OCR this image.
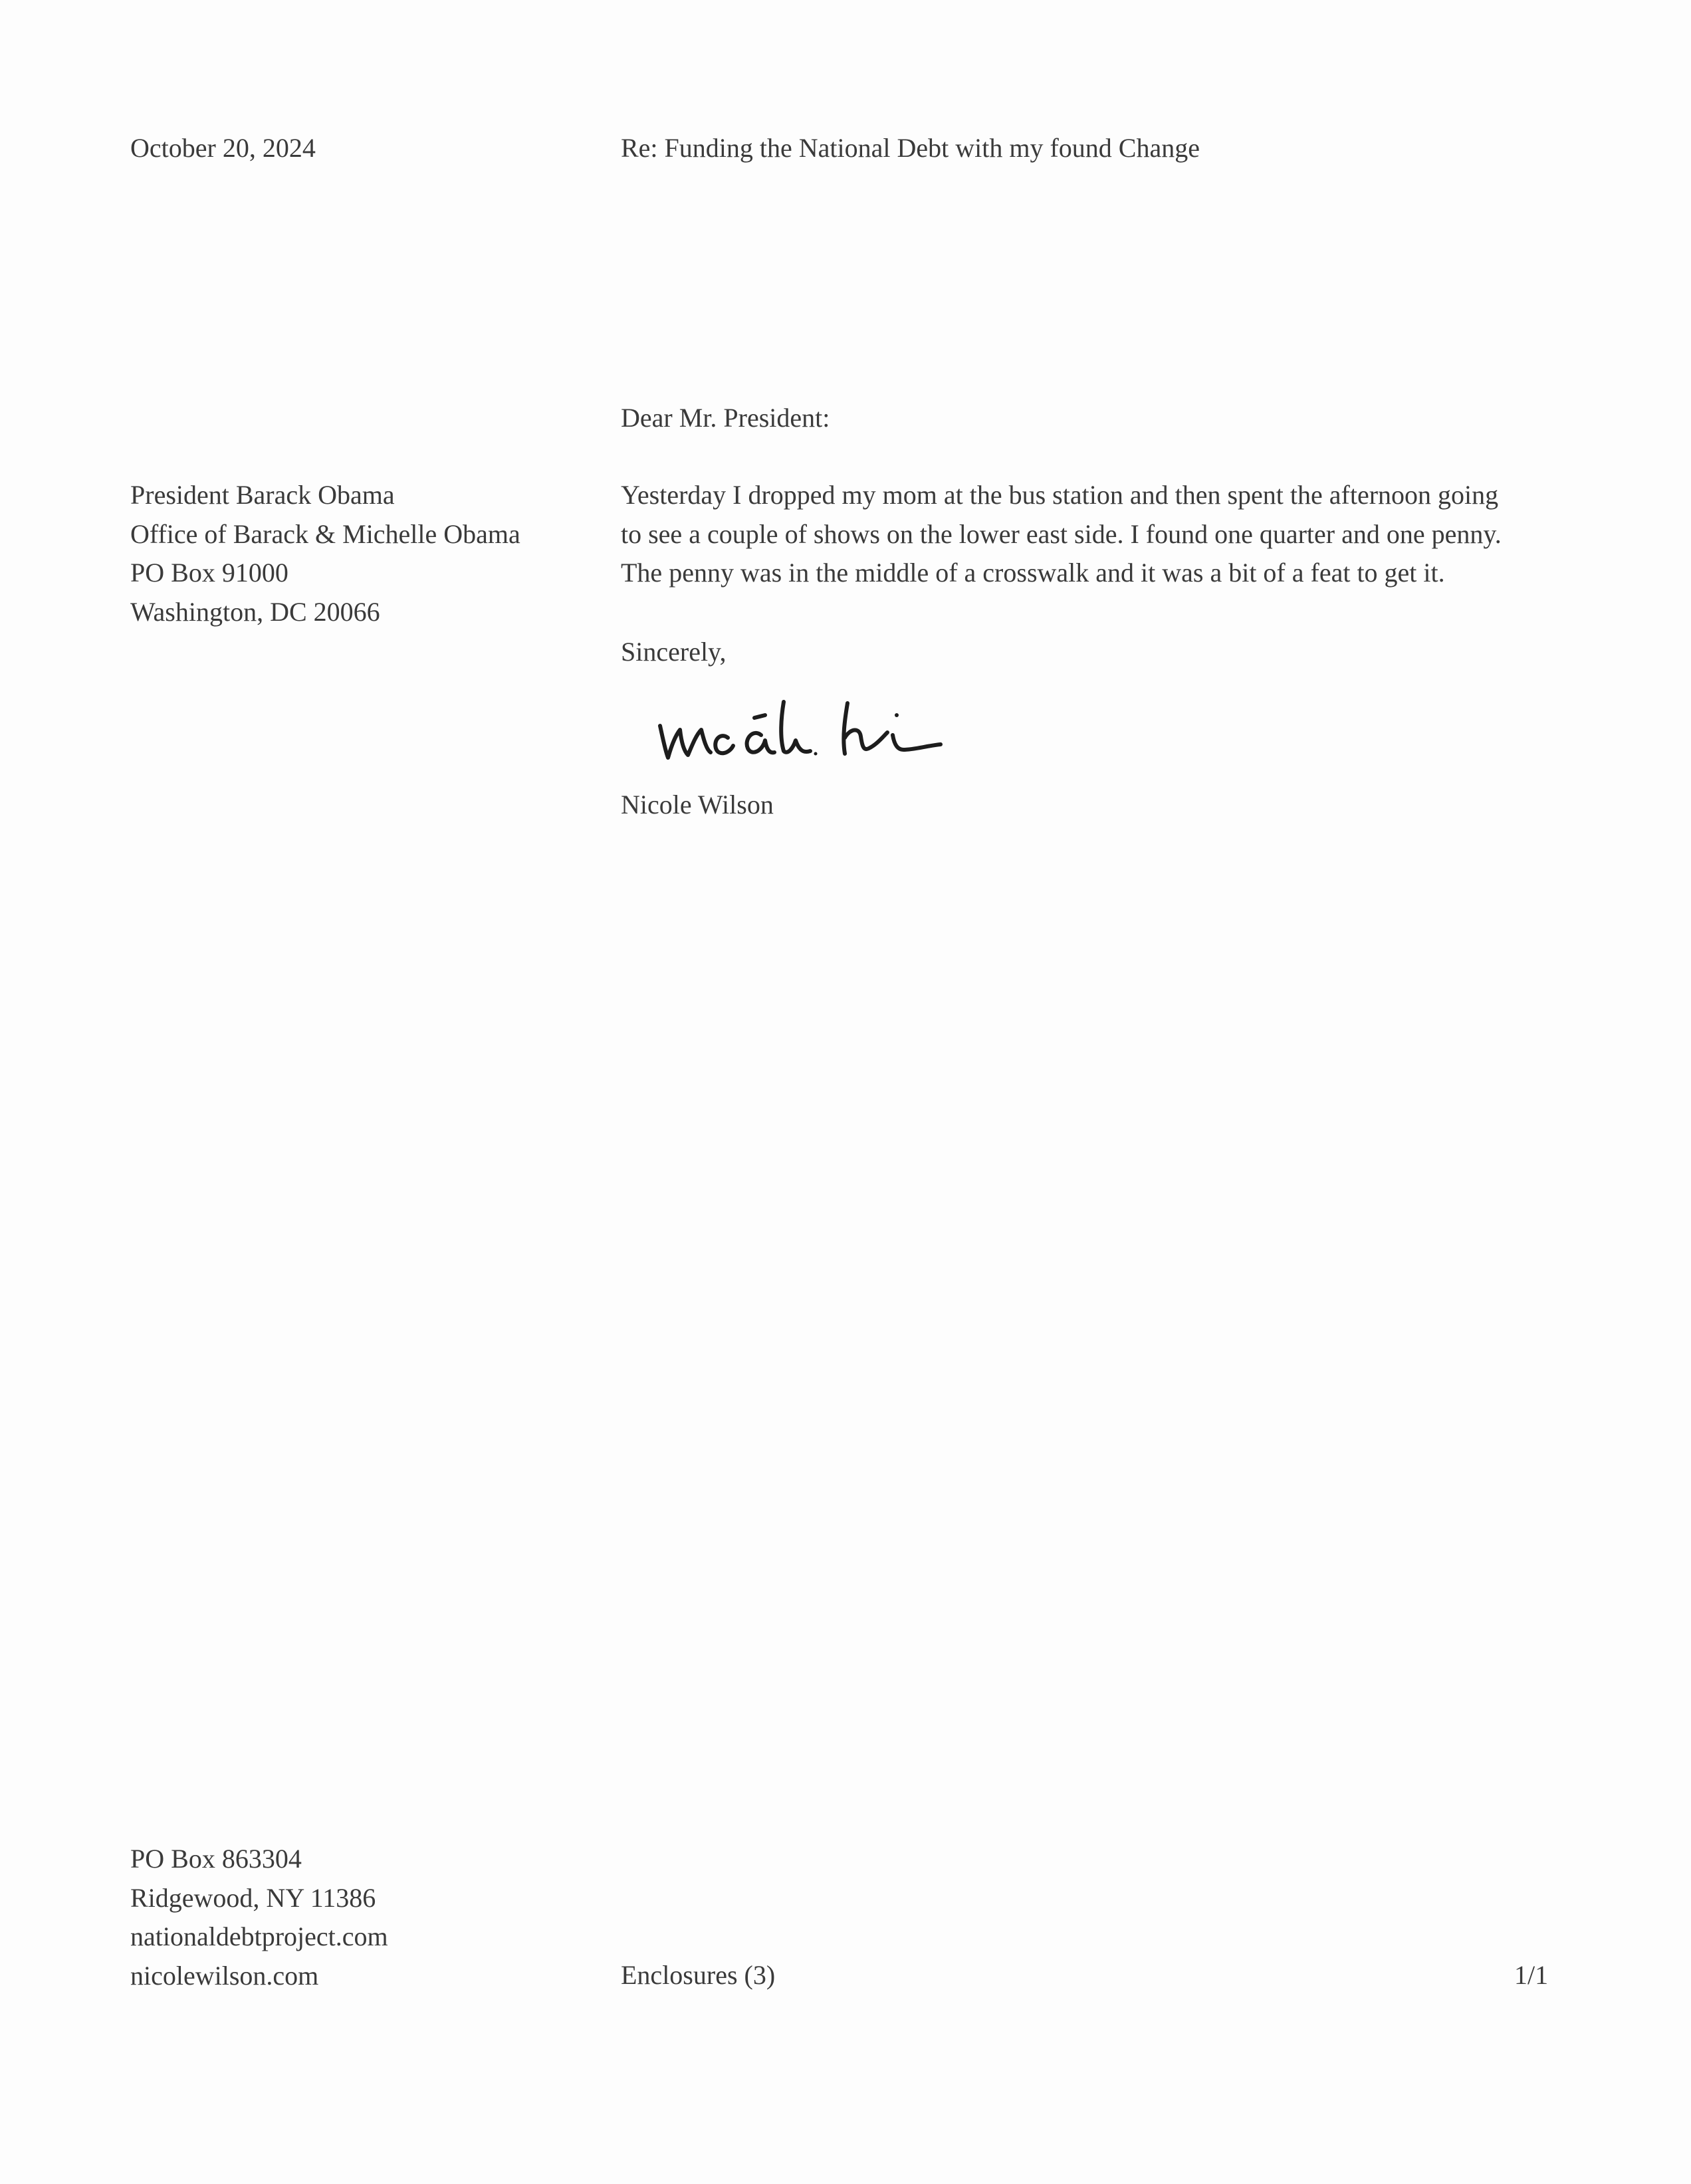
October 20, 2024	Re: Funding the National Debt with my found Change

Dear Mr. President:

President Barack Obama
Office of Barack & Michelle Obama
PO Box 91000
Washington, DC 20066
Yesterday I dropped my mom at the bus station and then spent the afternoon going
to see a couple of shows on the lower east side. I found one quarter and one penny.
The penny was in the middle of a crosswalk and it was a bit of a feat to get it.

Sincerely,

Nicole Wilson

PO Box 863304
Ridgewood, NY 11386
nationaldebtproject.com
nicolewilson.com	Enclosures (3)	1/1
